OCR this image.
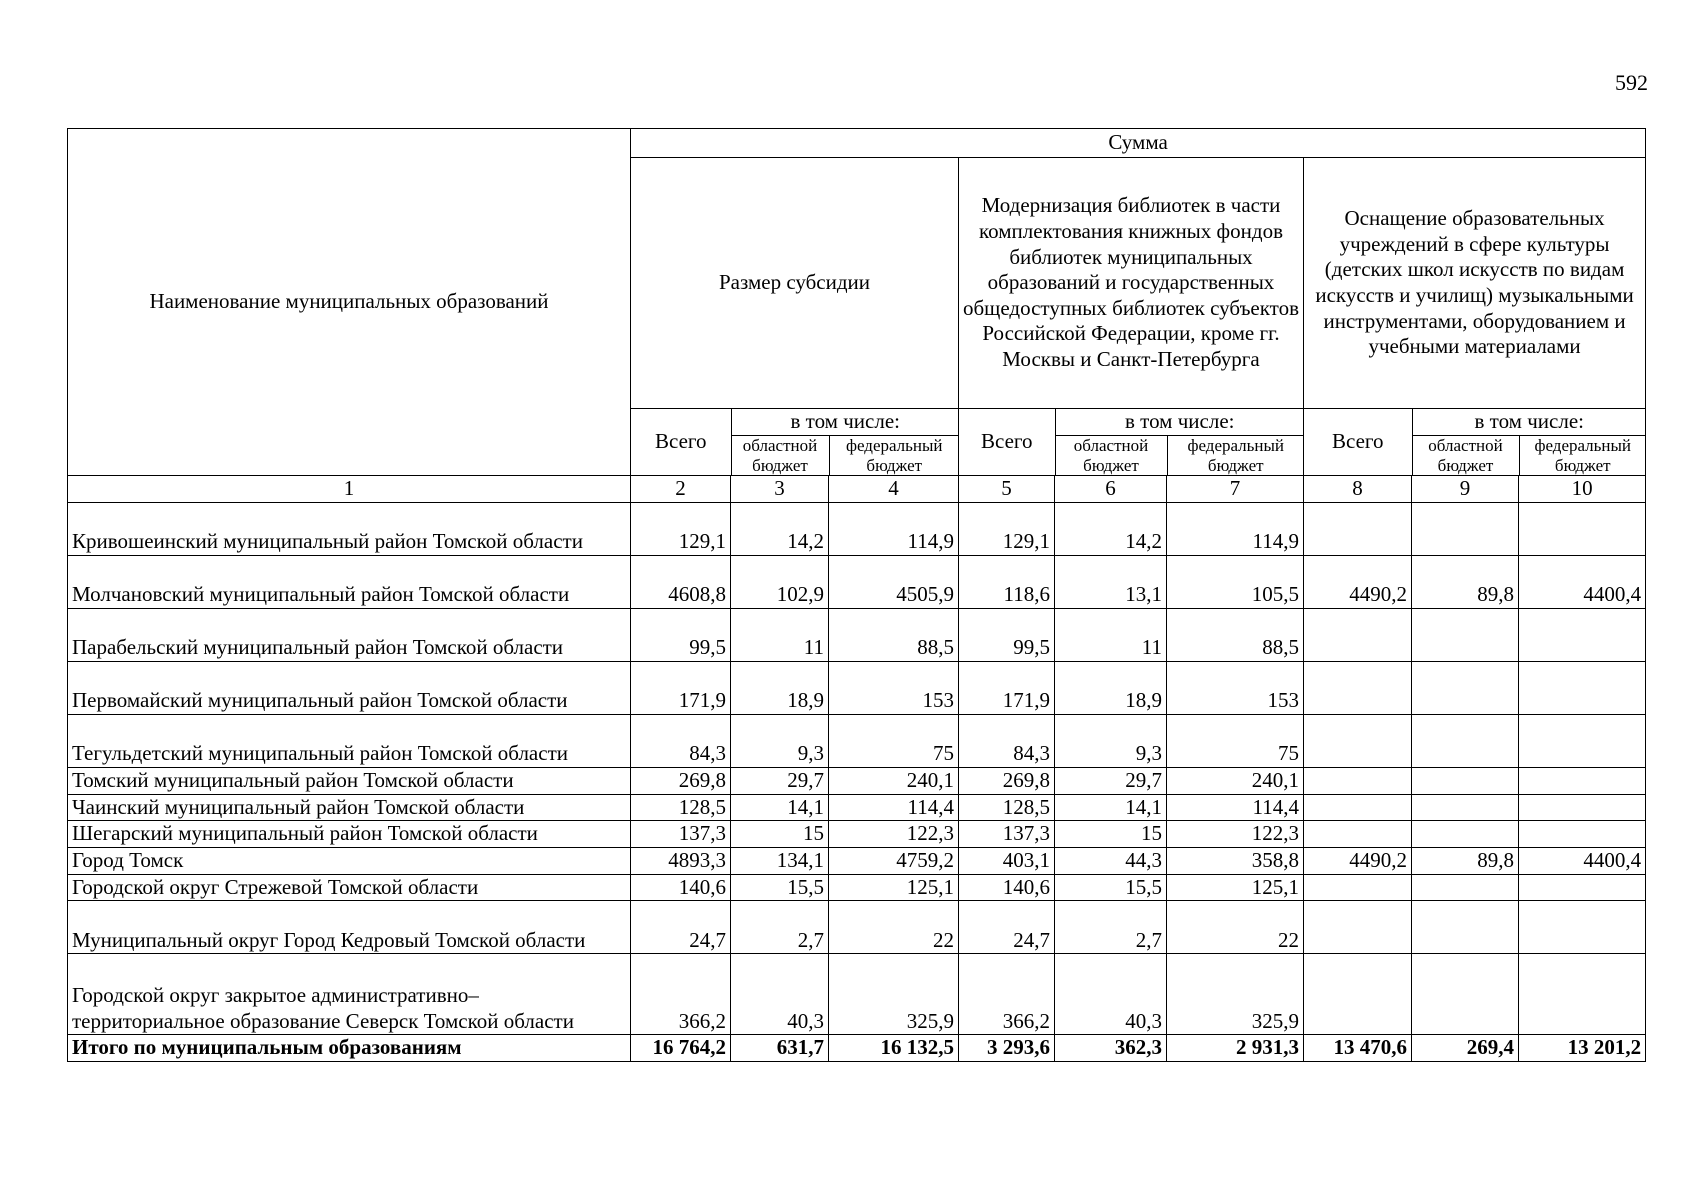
592
Наименование муниципальных образований	Сумма
Размер субсидии	Модернизация библиотек в части комплектования книжных фондов библиотек муниципальных образований и государственных общедоступных библиотек субъектов Российской Федерации, кроме гг. Москвы и Санкт-Петербурга	Оснащение образовательных учреждений в сфере культуры (детских школ искусств по видам искусств и училищ) музыкальными инструментами, оборудованием и учебными материалами

Всего	в том числе:
областной бюджет	федеральный бюджет

Всего	в том числе:
областной бюджет	федеральный бюджет

Всего	в том числе:
областной бюджет	федеральный бюджет

1	2	3	4	5	6	7	8	9	10
Кривошеинский муниципальный район Томской области	129,1	14,2	114,9	129,1	14,2	114,9			
Молчановский муниципальный район Томской области	4608,8	102,9	4505,9	118,6	13,1	105,5	4490,2	89,8	4400,4
Парабельский муниципальный район Томской области	99,5	11	88,5	99,5	11	88,5			
Первомайский муниципальный район Томской области	171,9	18,9	153	171,9	18,9	153			
Тегульдетский муниципальный район Томской области	84,3	9,3	75	84,3	9,3	75			
Томский муниципальный район Томской области	269,8	29,7	240,1	269,8	29,7	240,1			
Чаинский муниципальный район Томской области	128,5	14,1	114,4	128,5	14,1	114,4			
Шегарский муниципальный район Томской области	137,3	15	122,3	137,3	15	122,3			
Город Томск	4893,3	134,1	4759,2	403,1	44,3	358,8	4490,2	89,8	4400,4
Городской округ Стрежевой Томской области	140,6	15,5	125,1	140,6	15,5	125,1			
Муниципальный округ Город Кедровый Томской области	24,7	2,7	22	24,7	2,7	22			
Городской округ закрытое административно–территориальное образование Северск Томской области	366,2	40,3	325,9	366,2	40,3	325,9			
Итого по муниципальным образованиям	16 764,2	631,7	16 132,5	3 293,6	362,3	2 931,3	13 470,6	269,4	13 201,2
